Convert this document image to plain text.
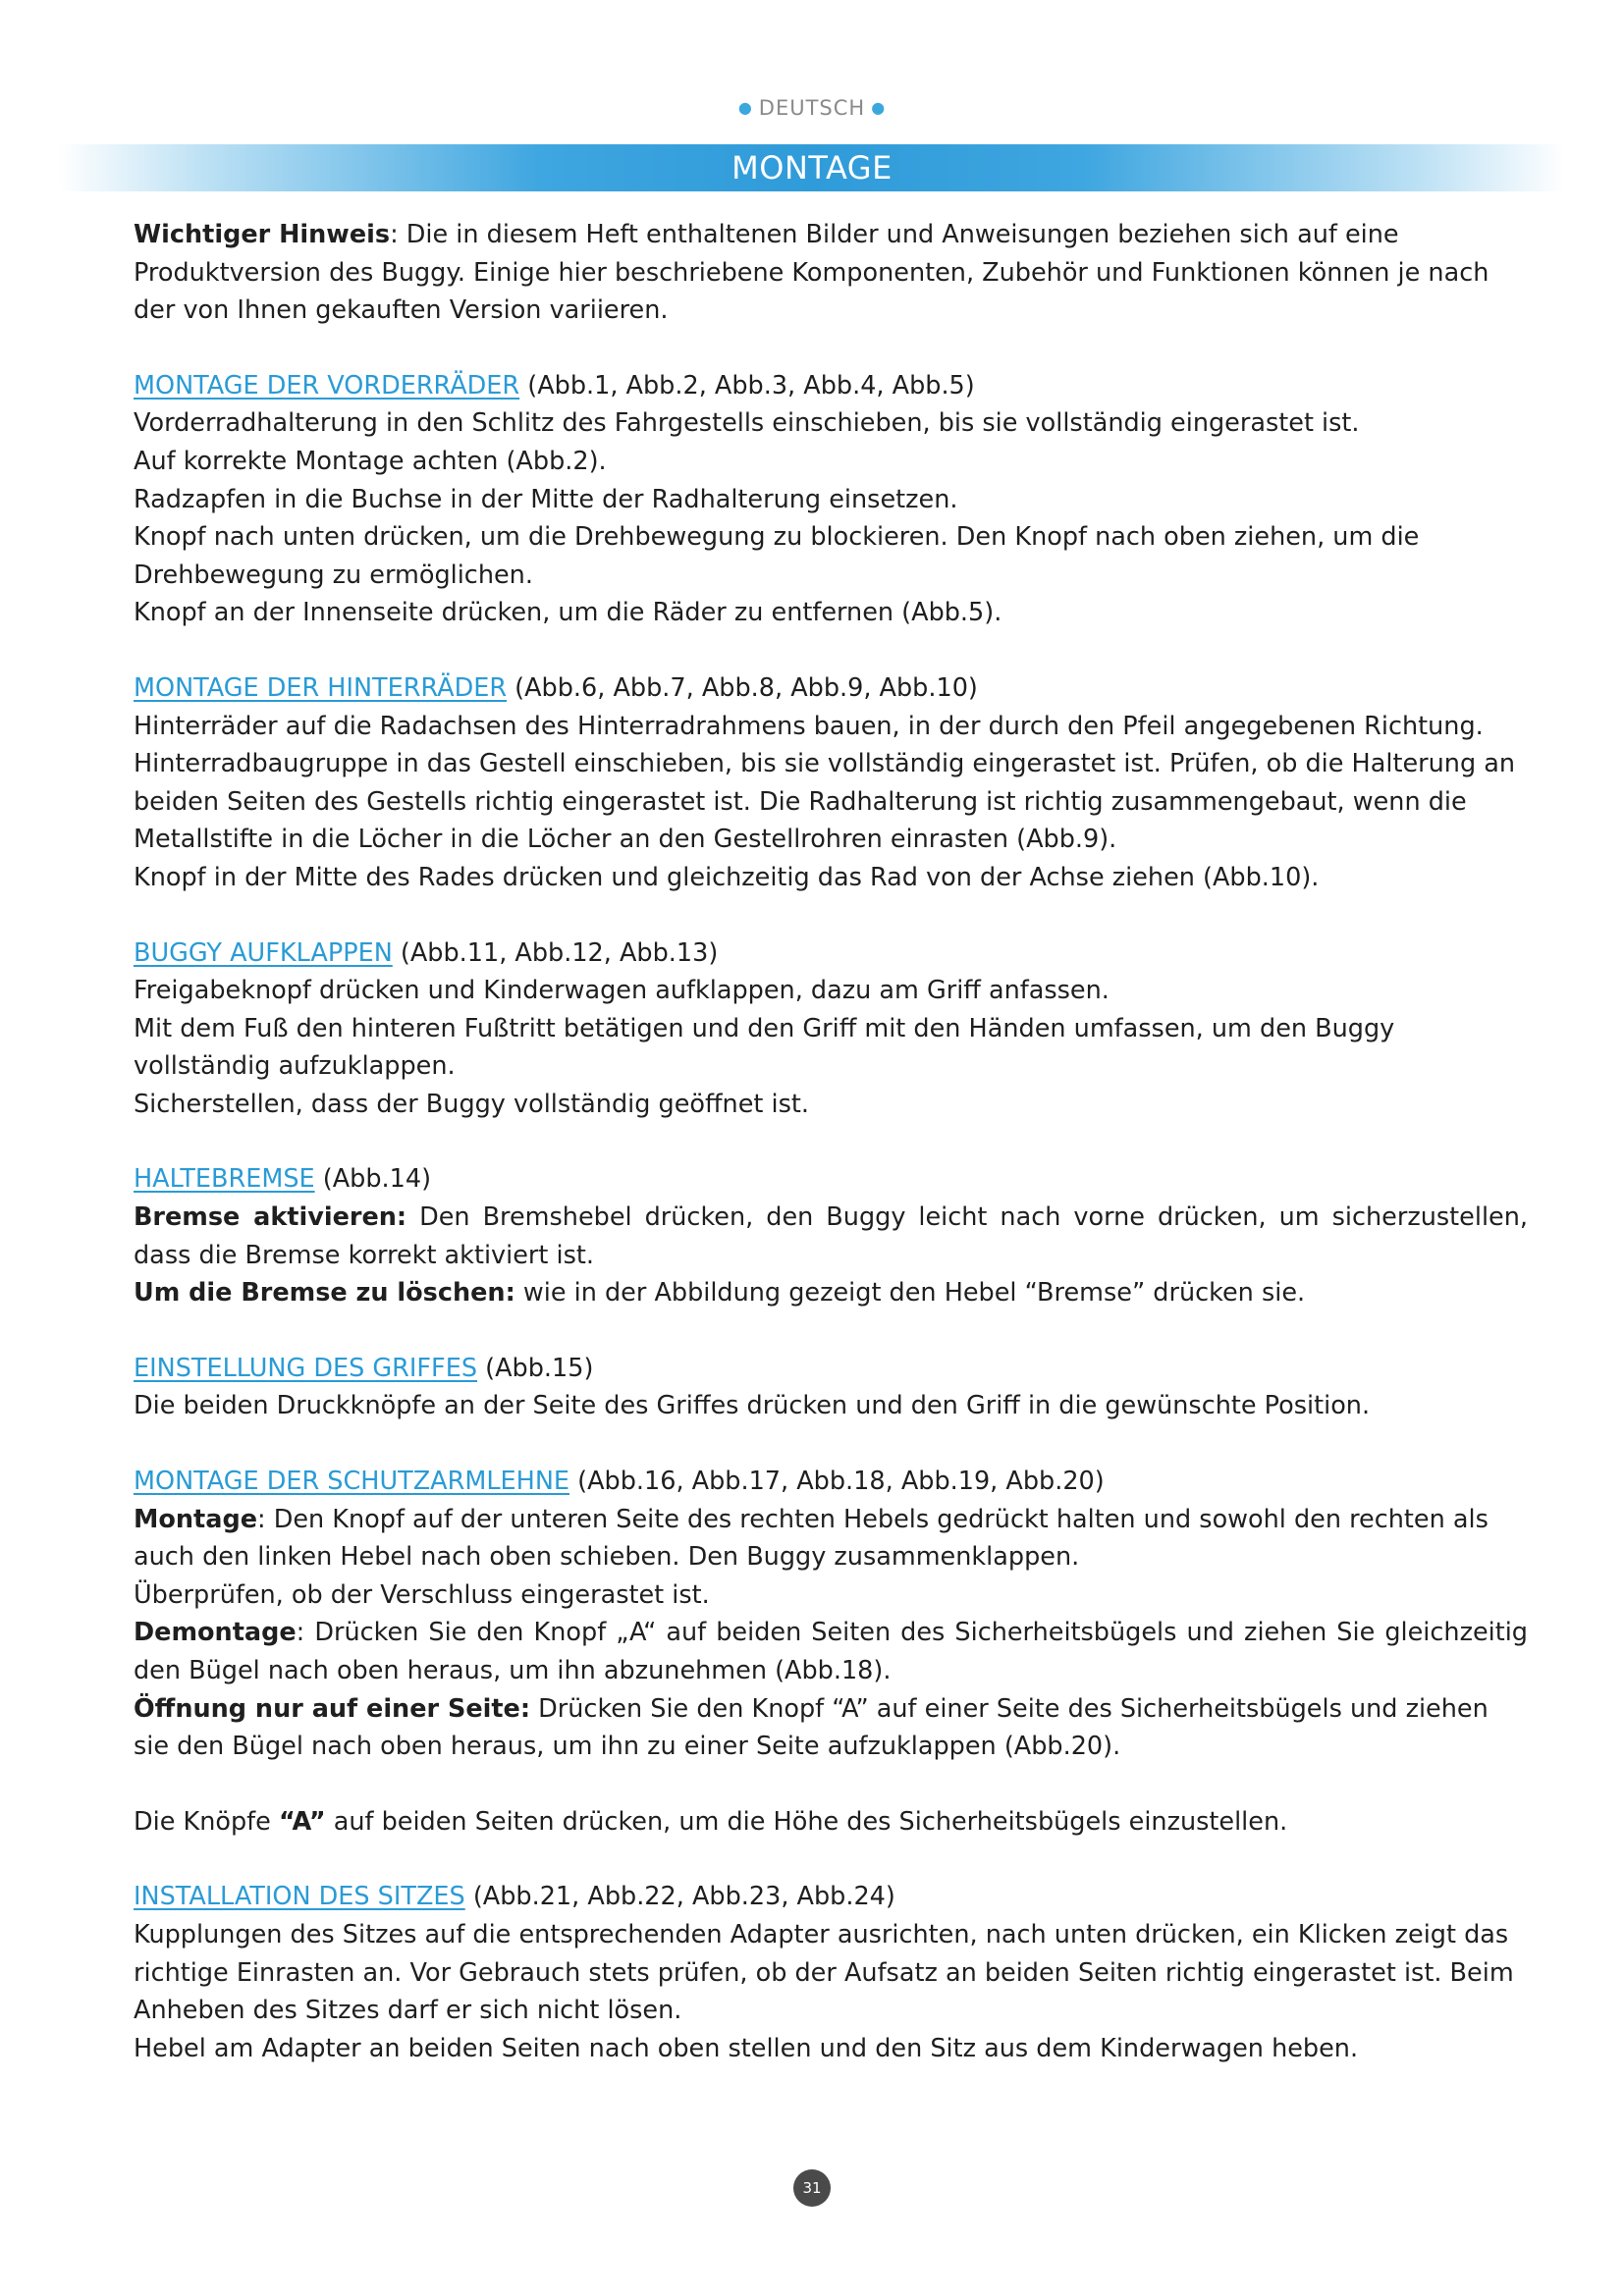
● DEUTSCH ●
MONTAGE

Wichtiger Hinweis: Die in diesem Heft enthaltenen Bilder und Anweisungen beziehen sich auf eine Produktversion des Buggy. Einige hier beschriebene Komponenten, Zubehör und Funktionen können je nach der von Ihnen gekauften Version variieren.

MONTAGE DER VORDERRÄDER (Abb.1, Abb.2, Abb.3, Abb.4, Abb.5)

Vorderradhalterung in den Schlitz des Fahrgestells einschieben, bis sie vollständig eingerastet ist.

Auf korrekte Montage achten (Abb.2).

Radzapfen in die Buchse in der Mitte der Radhalterung einsetzen.

Knopf nach unten drücken, um die Drehbewegung zu blockieren. Den Knopf nach oben ziehen, um die Drehbewegung zu ermöglichen.

Knopf an der Innenseite drücken, um die Räder zu entfernen (Abb.5).

MONTAGE DER HINTERRÄDER (Abb.6, Abb.7, Abb.8, Abb.9, Abb.10)

Hinterräder auf die Radachsen des Hinterradrahmens bauen, in der durch den Pfeil angegebenen Richtung.

Hinterradbaugruppe in das Gestell einschieben, bis sie vollständig eingerastet ist. Prüfen, ob die Halterung an beiden Seiten des Gestells richtig eingerastet ist. Die Radhalterung ist richtig zusammengebaut, wenn die Metallstifte in die Löcher in die Löcher an den Gestellrohren einrasten (Abb.9).

Knopf in der Mitte des Rades drücken und gleichzeitig das Rad von der Achse ziehen (Abb.10).

BUGGY AUFKLAPPEN (Abb.11, Abb.12, Abb.13)

Freigabeknopf drücken und Kinderwagen aufklappen, dazu am Griff anfassen.

Mit dem Fuß den hinteren Fußtritt betätigen und den Griff mit den Händen umfassen, um den Buggy vollständig aufzuklappen.

Sicherstellen, dass der Buggy vollständig geöffnet ist.

HALTEBREMSE (Abb.14)

Bremse aktivieren: Den Bremshebel drücken, den Buggy leicht nach vorne drücken, um sicherzustellen, dass die Bremse korrekt aktiviert ist.

Um die Bremse zu löschen: wie in der Abbildung gezeigt den Hebel “Bremse” drücken sie.

EINSTELLUNG DES GRIFFES (Abb.15)

Die beiden Druckknöpfe an der Seite des Griffes drücken und den Griff in die gewünschte Position.

MONTAGE DER SCHUTZARMLEHNE (Abb.16, Abb.17, Abb.18, Abb.19, Abb.20)

Montage: Den Knopf auf der unteren Seite des rechten Hebels gedrückt halten und sowohl den rechten als auch den linken Hebel nach oben schieben. Den Buggy zusammenklappen.

Überprüfen, ob der Verschluss eingerastet ist.

Demontage: Drücken Sie den Knopf „A“ auf beiden Seiten des Sicherheitsbügels und ziehen Sie gleichzeitig den Bügel nach oben heraus, um ihn abzunehmen (Abb.18).

Öffnung nur auf einer Seite: Drücken Sie den Knopf “A” auf einer Seite des Sicherheitsbügels und ziehen sie den Bügel nach oben heraus, um ihn zu einer Seite aufzuklappen (Abb.20).

Die Knöpfe “A” auf beiden Seiten drücken, um die Höhe des Sicherheitsbügels einzustellen.

INSTALLATION DES SITZES (Abb.21, Abb.22, Abb.23, Abb.24)

Kupplungen des Sitzes auf die entsprechenden Adapter ausrichten, nach unten drücken, ein Klicken zeigt das richtige Einrasten an. Vor Gebrauch stets prüfen, ob der Aufsatz an beiden Seiten richtig eingerastet ist. Beim Anheben des Sitzes darf er sich nicht lösen.

Hebel am Adapter an beiden Seiten nach oben stellen und den Sitz aus dem Kinderwagen heben.

31
